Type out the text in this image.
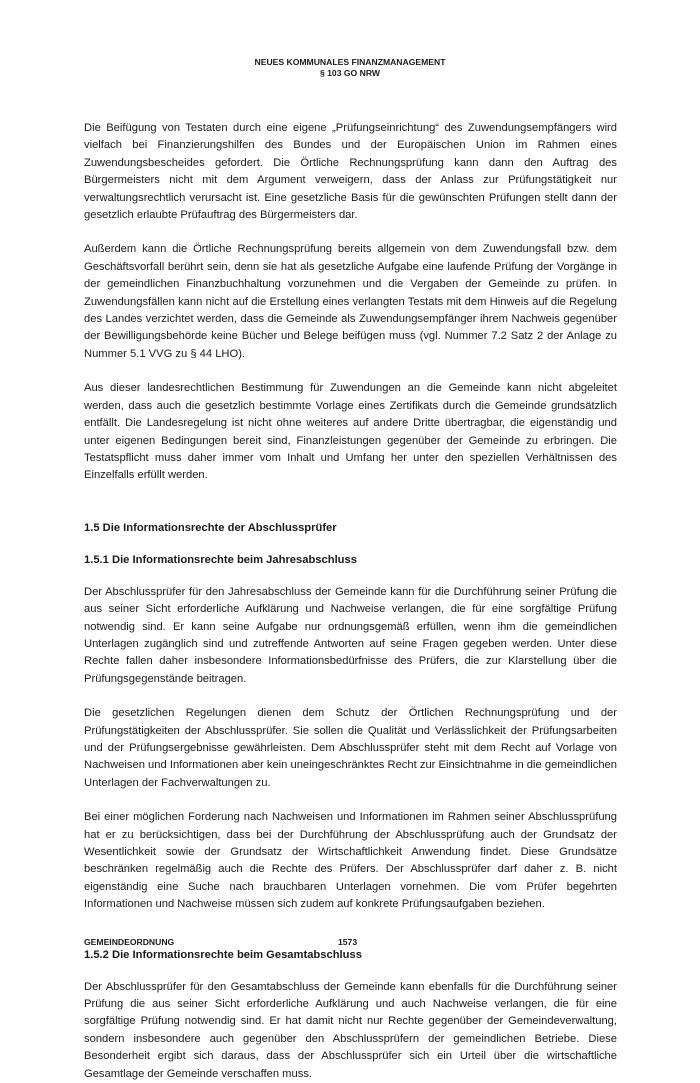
NEUES KOMMUNALES FINANZMANAGEMENT
§ 103 GO NRW

Die Beifügung von Testaten durch eine eigene „Prüfungseinrichtung“ des Zuwendungsempfängers wird vielfach bei Finanzierungshilfen des Bundes und der Europäischen Union im Rahmen eines Zuwendungsbescheides gefordert. Die Örtliche Rechnungsprüfung kann dann den Auftrag des Bürgermeisters nicht mit dem Argument verweigern, dass der Anlass zur Prüfungstätigkeit nur verwaltungsrechtlich verursacht ist. Eine gesetzliche Basis für die gewünschten Prüfungen stellt dann der gesetzlich erlaubte Prüfauftrag des Bürgermeisters dar.

Außerdem kann die Örtliche Rechnungsprüfung bereits allgemein von dem Zuwendungsfall bzw. dem Geschäftsvorfall berührt sein, denn sie hat als gesetzliche Aufgabe eine laufende Prüfung der Vorgänge in der gemeindlichen Finanzbuchhaltung vorzunehmen und die Vergaben der Gemeinde zu prüfen. In Zuwendungsfällen kann nicht auf die Erstellung eines verlangten Testats mit dem Hinweis auf die Regelung des Landes verzichtet werden, dass die Gemeinde als Zuwendungsempfänger ihrem Nachweis gegenüber der Bewilligungsbehörde keine Bücher und Belege beifügen muss (vgl. Nummer 7.2 Satz 2 der Anlage zu Nummer 5.1 VVG zu § 44 LHO).

Aus dieser landesrechtlichen Bestimmung für Zuwendungen an die Gemeinde kann nicht abgeleitet werden, dass auch die gesetzlich bestimmte Vorlage eines Zertifikats durch die Gemeinde grundsätzlich entfällt. Die Landesregelung ist nicht ohne weiteres auf andere Dritte übertragbar, die eigenständig und unter eigenen Bedingungen bereit sind, Finanzleistungen gegenüber der Gemeinde zu erbringen. Die Testatspflicht muss daher immer vom Inhalt und Umfang her unter den speziellen Verhältnissen des Einzelfalls erfüllt werden.

1.5 Die Informationsrechte der Abschlussprüfer
1.5.1 Die Informationsrechte beim Jahresabschluss

Der Abschlussprüfer für den Jahresabschluss der Gemeinde kann für die Durchführung seiner Prüfung die aus seiner Sicht erforderliche Aufklärung und Nachweise verlangen, die für eine sorgfältige Prüfung notwendig sind. Er kann seine Aufgabe nur ordnungsgemäß erfüllen, wenn ihm die gemeindlichen Unterlagen zugänglich sind und zutreffende Antworten auf seine Fragen gegeben werden. Unter diese Rechte fallen daher insbesondere Informationsbedürfnisse des Prüfers, die zur Klarstellung über die Prüfungsgegenstände beitragen.

Die gesetzlichen Regelungen dienen dem Schutz der Örtlichen Rechnungsprüfung und der Prüfungstätigkeiten der Abschlussprüfer. Sie sollen die Qualität und Verlässlichkeit der Prüfungsarbeiten und der Prüfungsergebnisse gewährleisten. Dem Abschlussprüfer steht mit dem Recht auf Vorlage von Nachweisen und Informationen aber kein uneingeschränktes Recht zur Einsichtnahme in die gemeindlichen Unterlagen der Fachverwaltungen zu.

Bei einer möglichen Forderung nach Nachweisen und Informationen im Rahmen seiner Abschlussprüfung hat er zu berücksichtigen, dass bei der Durchführung der Abschlussprüfung auch der Grundsatz der Wesentlichkeit sowie der Grundsatz der Wirtschaftlichkeit Anwendung findet. Diese Grundsätze beschränken regelmäßig auch die Rechte des Prüfers. Der Abschlussprüfer darf daher z. B. nicht eigenständig eine Suche nach brauchbaren Unterlagen vornehmen. Die vom Prüfer begehrten Informationen und Nachweise müssen sich zudem auf konkrete Prüfungsaufgaben beziehen.

1.5.2 Die Informationsrechte beim Gesamtabschluss

Der Abschlussprüfer für den Gesamtabschluss der Gemeinde kann ebenfalls für die Durchführung seiner Prüfung die aus seiner Sicht erforderliche Aufklärung und auch Nachweise verlangen, die für eine sorgfältige Prüfung notwendig sind. Er hat damit nicht nur Rechte gegenüber der Gemeindeverwaltung, sondern insbesondere auch gegenüber den Abschlussprüfern der gemeindlichen Betriebe. Diese Besonderheit ergibt sich daraus, dass der Abschlussprüfer sich ein Urteil über die wirtschaftliche Gesamtlage der Gemeinde verschaffen muss.

GEMEINDEORDNUNG	1573
